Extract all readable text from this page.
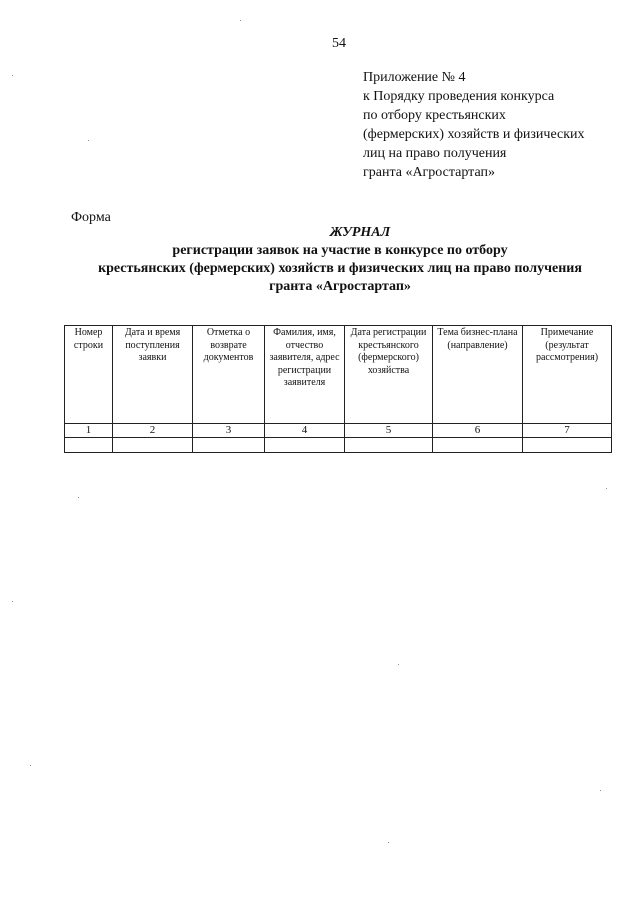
54
Приложение № 4
к Порядку проведения конкурса
по отбору крестьянских
(фермерских) хозяйств и физических
лиц на право получения
гранта «Агростартап»
Форма
ЖУРНАЛ
регистрации заявок на участие в конкурсе по отбору
крестьянских (фермерских) хозяйств и физических лиц на право получения
гранта «Агростартап»
Номер строки	Дата и время поступления заявки	Отметка о возврате документов	Фамилия, имя, отчество заявителя, адрес регистрации заявителя	Дата регистрации крестьянского (фермерского) хозяйства	Тема бизнес-плана (направление)	Примечание (результат рассмотрения)
1	2	3	4	5	6	7
